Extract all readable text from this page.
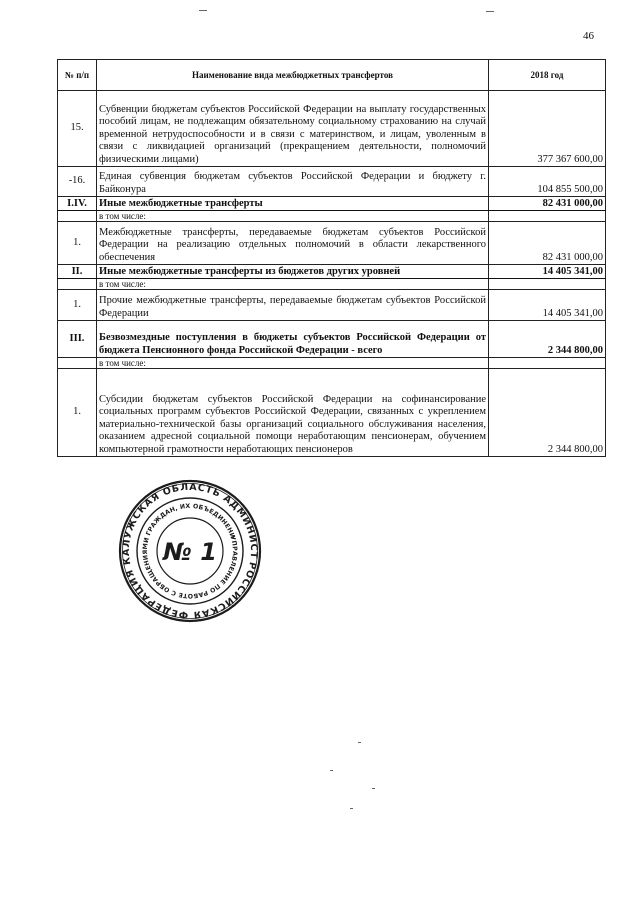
46
№ п/п	Наименование вида межбюджетных трансфертов	2018 год
15.	Субвенции бюджетам субъектов Российской Федерации на выплату государственных пособий лицам, не подлежащим обязательному социальному страхованию на случай временной нетрудоспособности и в связи с материнством, и лицам, уволенным в связи с ликвидацией организаций (прекращением деятельности, полномочий физическими лицами)	377 367 600,00
-16.	Единая субвенция бюджетам субъектов Российской Федерации и бюджету г. Байконура	104 855 500,00
I.IV.	Иные межбюджетные трансферты	82 431 000,00
	в том числе:	
1.	Межбюджетные трансферты, передаваемые бюджетам субъектов Российской Федерации на реализацию отдельных полномочий в области лекарственного обеспечения	82 431 000,00
II.	Иные межбюджетные трансферты из бюджетов других уровней	14 405 341,00
	в том числе:	
1.	Прочие межбюджетные трансферты, передаваемые бюджетам субъектов Российской Федерации	14 405 341,00
III.	Безвозмездные поступления в бюджеты субъектов Российской Федерации от бюджета Пенсионного фонда Российской Федерации - всего	2 344 800,00
	в том числе:	
1.	Субсидии бюджетам субъектов Российской Федерации на софинансирование социальных программ субъектов Российской Федерации, связанных с укреплением материально-технической базы организаций социального обслуживания населения, оказанием адресной социальной помощи неработающим пенсионерам, обучением компьютерной грамотности неработающих пенсионеров	2 344 800,00
РОССИЙСКАЯ ФЕДЕРАЦИЯ КАЛУЖСКАЯ ОБЛАСТЬ АДМИНИСТРАЦИЯ
УПРАВЛЕНИЕ ПО РАБОТЕ С ОБРАЩЕНИЯМИ ГРАЖДАН, ИХ ОБЪЕДИНЕНИЙ
№ 1
